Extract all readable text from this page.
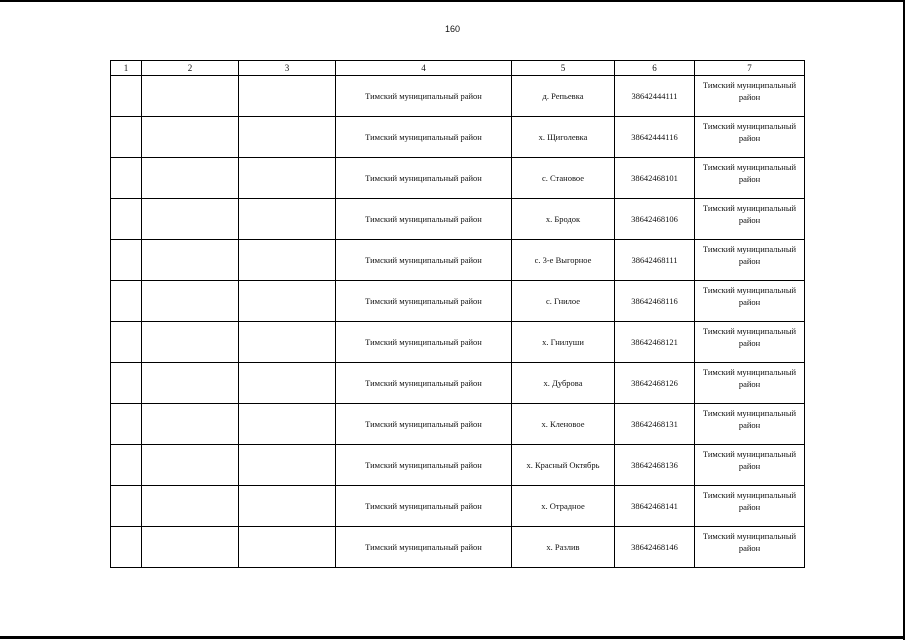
160
1	2	3	4	5	6	7
			Тимский муниципальный район	д. Репьевка	38642444111	Тимский муниципальный район

			Тимский муниципальный район	х. Щиголевка	38642444116	Тимский муниципальный район

			Тимский муниципальный район	с. Становое	38642468101	Тимский муниципальный район

			Тимский муниципальный район	х. Бродок	38642468106	Тимский муниципальный район

			Тимский муниципальный район	с. 3-е Выгорное	38642468111	Тимский муниципальный район

			Тимский муниципальный район	с. Гнилое	38642468116	Тимский муниципальный район

			Тимский муниципальный район	х. Гнилуши	38642468121	Тимский муниципальный район

			Тимский муниципальный район	х. Дуброва	38642468126	Тимский муниципальный район

			Тимский муниципальный район	х. Кленовое	38642468131	Тимский муниципальный район

			Тимский муниципальный район	х. Красный Октябрь	38642468136	Тимский муниципальный район

			Тимский муниципальный район	х. Отрадное	38642468141	Тимский муниципальный район

			Тимский муниципальный район	х. Разлив	38642468146	Тимский муниципальный район
